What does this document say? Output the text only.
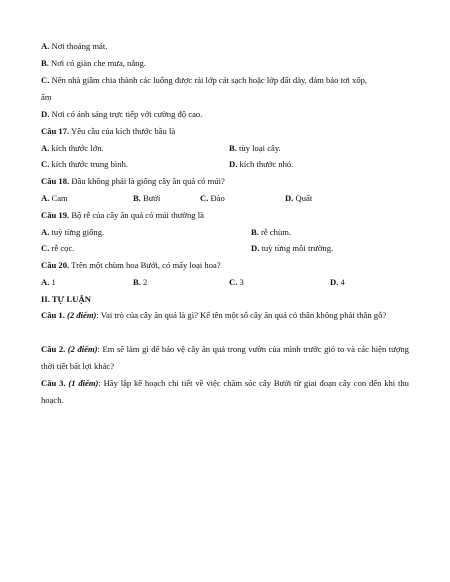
A. Nơi thoáng mát.
B. Nơi có giàn che mưa, nắng.
C. Nên nhà giâm chia thành các luống được rải lớp cát sạch hoặc lớp đất dày, đảm bảo tơi xốp,
ẩm
D. Nơi có ánh sáng trực tiếp với cường độ cao.
Câu 17. Yêu cầu của kích thước bầu là
A. kích thước lớn.	B. tùy loại cây.
C. kích thước trung bình.	D. kích thước nhỏ.
Câu 18. Đâu không phải là giống cây ăn quả có múi?
A. Cam	B. Bưởi	C. Đào	D. Quất
Câu 19. Bộ rễ của cây ăn quả có múi thường là
A. tuỳ từng giống.	B. rễ chùm.
C. rễ cọc.	D. tuỳ từng môi trường.
Câu 20. Trên một chùm hoa Bưởi, có mấy loại hoa?
A. 1	B. 2	C. 3	D. 4
II. TỰ LUẬN
Câu 1. (2 điểm): Vai trò của cây ăn quả là gì? Kể tên một số cây ăn quả có thân không phải thân gỗ?
Câu 2. (2 điểm): Em sẽ làm gì để bảo vệ cây ăn quả trong vườn của mình trước gió to và các hiện tượng thời tiết bất lợi khác?
Câu 3. (1 điểm): Hãy lập kế hoạch chi tiết về việc chăm sóc cây Bưởi từ giai đoạn cây con đến khi thu hoạch.
